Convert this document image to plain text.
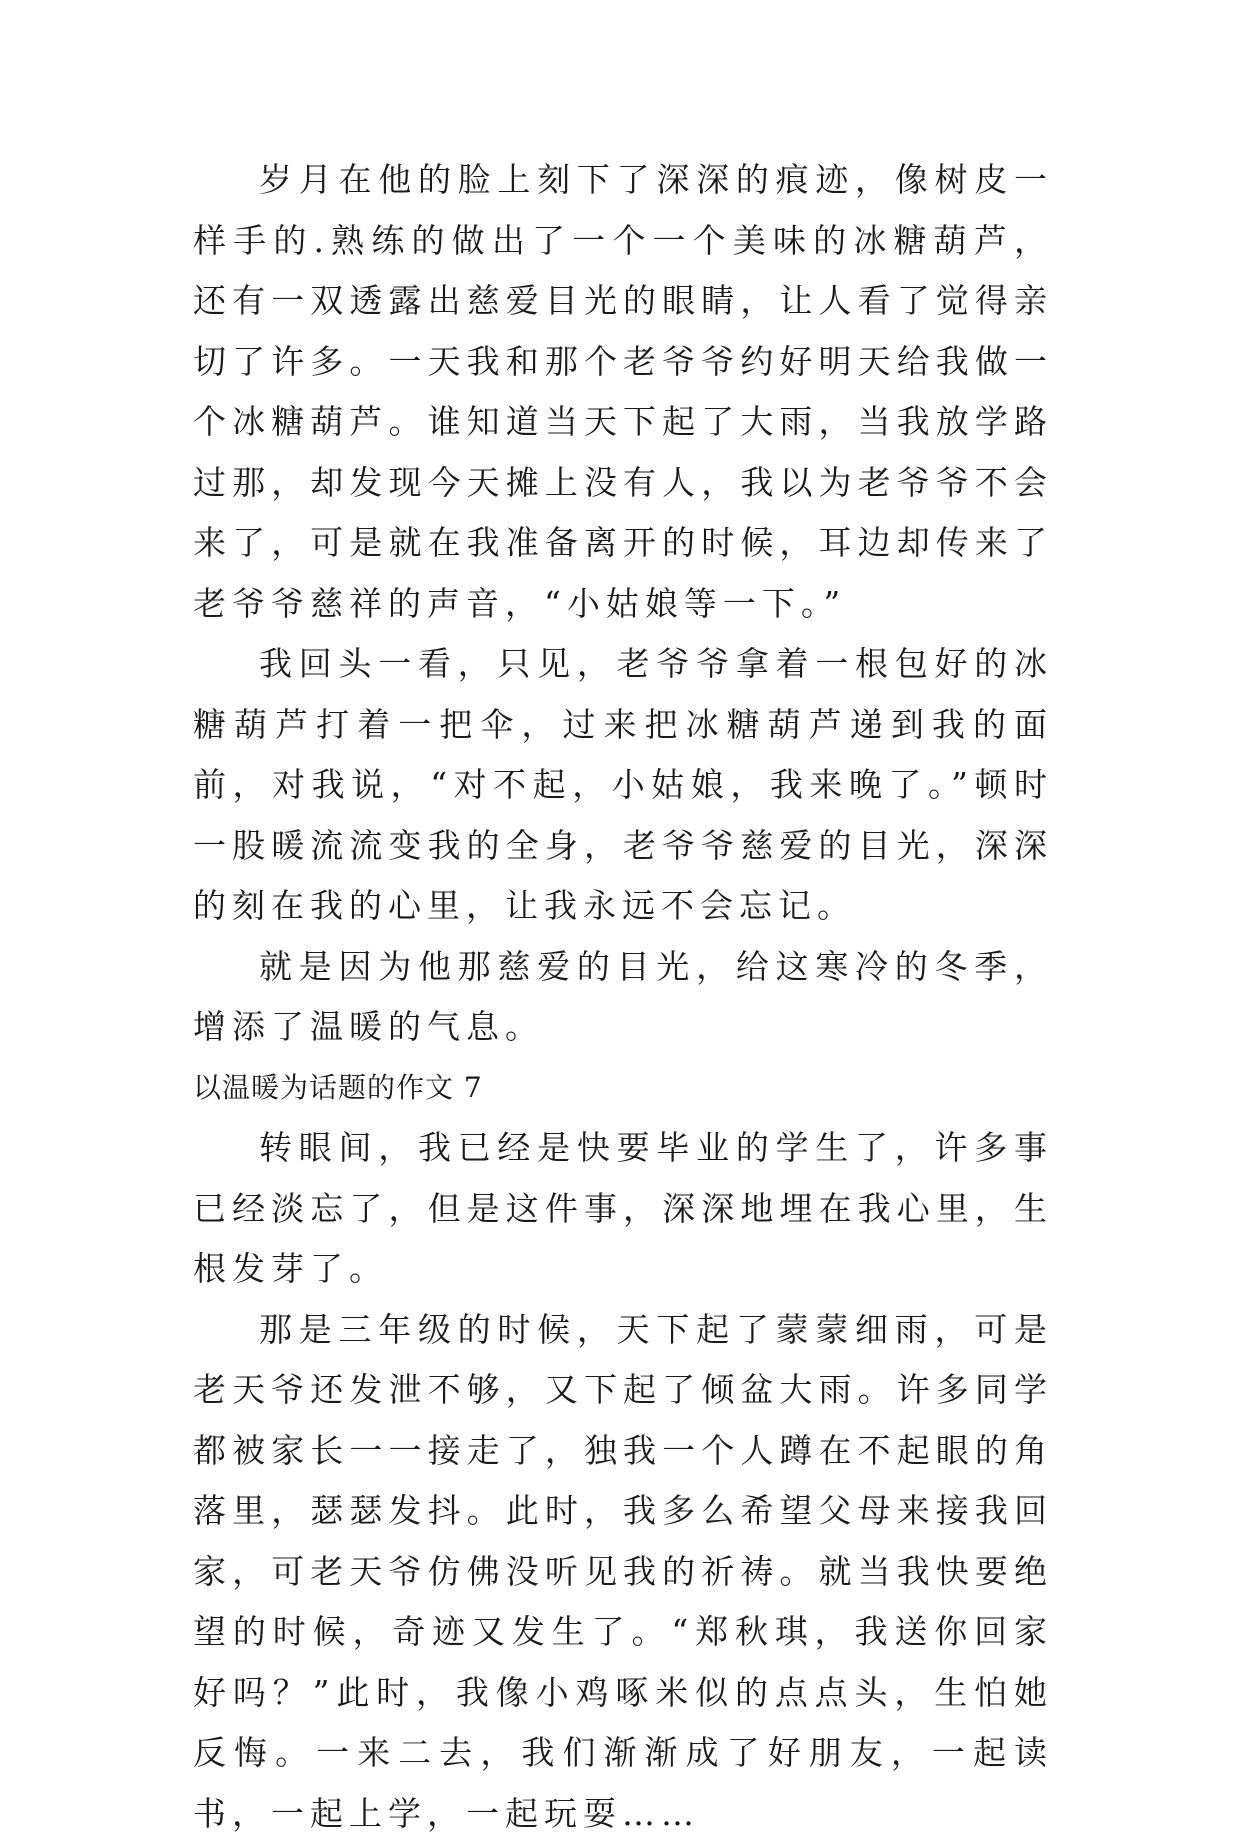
岁月在他的脸上刻下了深深的痕迹，像树皮一样手的.熟练的做出了一个一个美味的冰糖葫芦，还有一双透露出慈爱目光的眼睛，让人看了觉得亲切了许多。一天我和那个老爷爷约好明天给我做一个冰糖葫芦。谁知道当天下起了大雨，当我放学路过那，却发现今天摊上没有人，我以为老爷爷不会来了，可是就在我准备离开的时候，耳边却传来了老爷爷慈祥的声音，“小姑娘等一下。”

我回头一看，只见，老爷爷拿着一根包好的冰糖葫芦打着一把伞，过来把冰糖葫芦递到我的面前，对我说，“对不起，小姑娘，我来晚了。”顿时一股暖流流变我的全身，老爷爷慈爱的目光，深深的刻在我的心里，让我永远不会忘记。

就是因为他那慈爱的目光，给这寒冷的冬季，增添了温暖的气息。

以温暖为话题的作文 7

转眼间，我已经是快要毕业的学生了，许多事已经淡忘了，但是这件事，深深地埋在我心里，生根发芽了。

那是三年级的时候，天下起了蒙蒙细雨，可是老天爷还发泄不够，又下起了倾盆大雨。许多同学都被家长一一接走了，独我一个人蹲在不起眼的角落里，瑟瑟发抖。此时，我多么希望父母来接我回家，可老天爷仿佛没听见我的祈祷。就当我快要绝望的时候，奇迹又发生了。“郑秋琪，我送你回家好吗？”此时，我像小鸡啄米似的点点头，生怕她反悔。一来二去，我们渐渐成了好朋友，一起读书，一起上学，一起玩耍……
